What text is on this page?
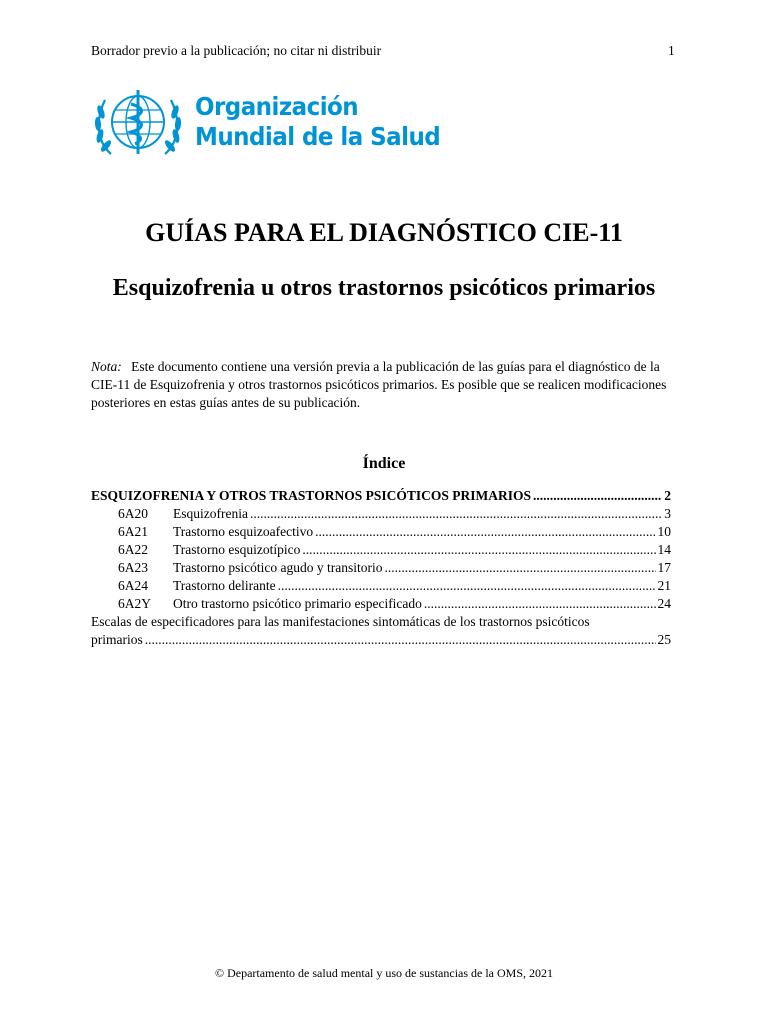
Borrador previo a la publicación; no citar ni distribuir	1
Organización
Mundial de la Salud
GUÍAS PARA EL DIAGNÓSTICO CIE-11
Esquizofrenia u otros trastornos psicóticos primarios
Nota: Este documento contiene una versión previa a la publicación de las guías para el diagnóstico de la CIE-11 de Esquizofrenia y otros trastornos psicóticos primarios. Es posible que se realicen modificaciones posteriores en estas guías antes de su publicación.
Índice
ESQUIZOFRENIA Y OTROS TRASTORNOS PSICÓTICOS PRIMARIOS .....	2
6A20	Esquizofrenia .....	3
6A21	Trastorno esquizoafectivo .....	10
6A22	Trastorno esquizotípico .....	14
6A23	Trastorno psicótico agudo y transitorio .....	17
6A24	Trastorno delirante .....	21
6A2Y	Otro trastorno psicótico primario especificado .....	24
Escalas de especificadores para las manifestaciones sintomáticas de los trastornos psicóticos
primarios .....	25
© Departamento de salud mental y uso de sustancias de la OMS, 2021
